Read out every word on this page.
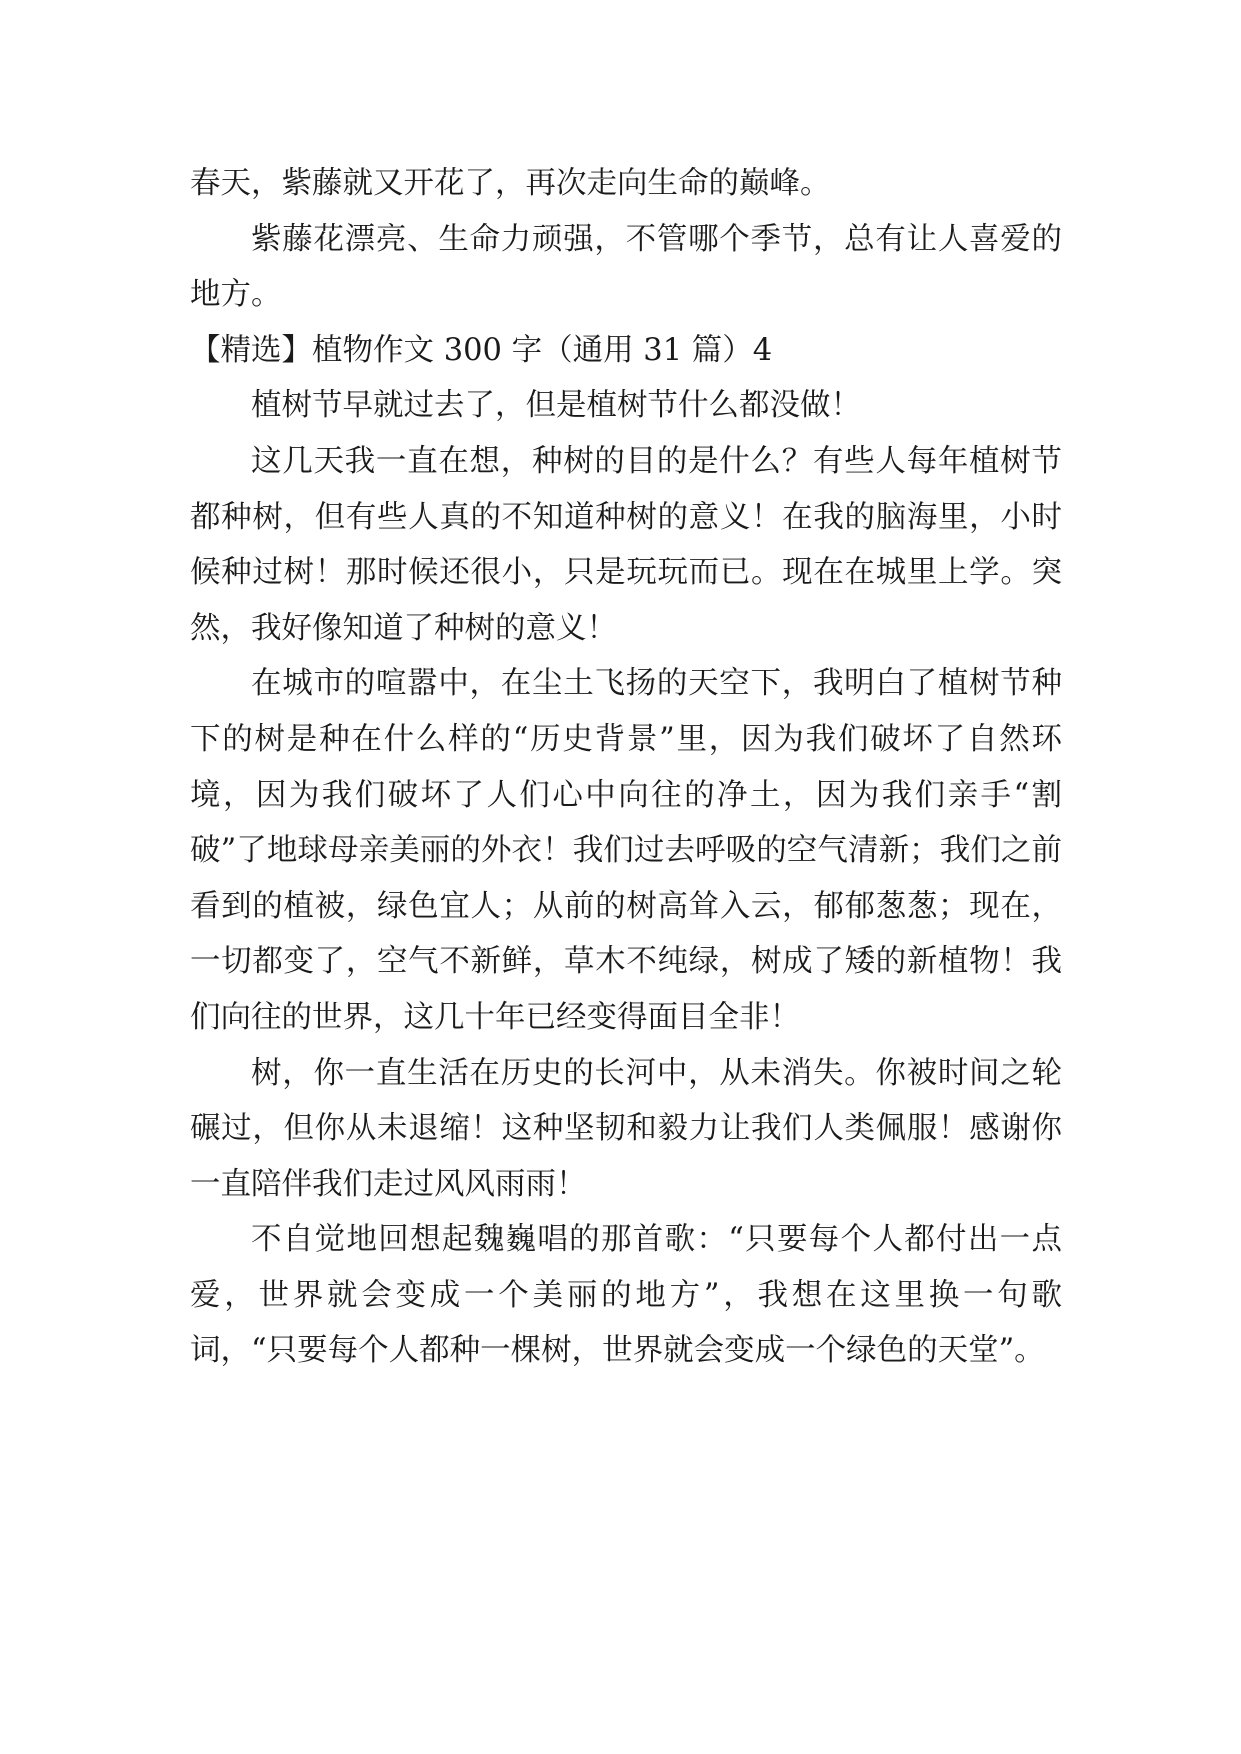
春天，紫藤就又开花了，再次走向生命的巅峰。

紫藤花漂亮、生命力顽强，不管哪个季节，总有让人喜爱的地方。

【精选】植物作文 300 字（通用 31 篇）4

植树节早就过去了，但是植树节什么都没做！

这几天我一直在想，种树的目的是什么？有些人每年植树节都种树，但有些人真的不知道种树的意义！在我的脑海里，小时候种过树！那时候还很小，只是玩玩而已。现在在城里上学。突然，我好像知道了种树的意义！

在城市的喧嚣中，在尘土飞扬的天空下，我明白了植树节种下的树是种在什么样的“历史背景”里，因为我们破坏了自然环境，因为我们破坏了人们心中向往的净土，因为我们亲手“割破”了地球母亲美丽的外衣！我们过去呼吸的空气清新；我们之前看到的植被，绿色宜人；从前的树高耸入云，郁郁葱葱；现在，一切都变了，空气不新鲜，草木不纯绿，树成了矮的新植物！我们向往的世界，这几十年已经变得面目全非！

树，你一直生活在历史的长河中，从未消失。你被时间之轮碾过，但你从未退缩！这种坚韧和毅力让我们人类佩服！感谢你一直陪伴我们走过风风雨雨！

不自觉地回想起魏巍唱的那首歌：“只要每个人都付出一点爱，世界就会变成一个美丽的地方”，我想在这里换一句歌词，“只要每个人都种一棵树，世界就会变成一个绿色的天堂”。
